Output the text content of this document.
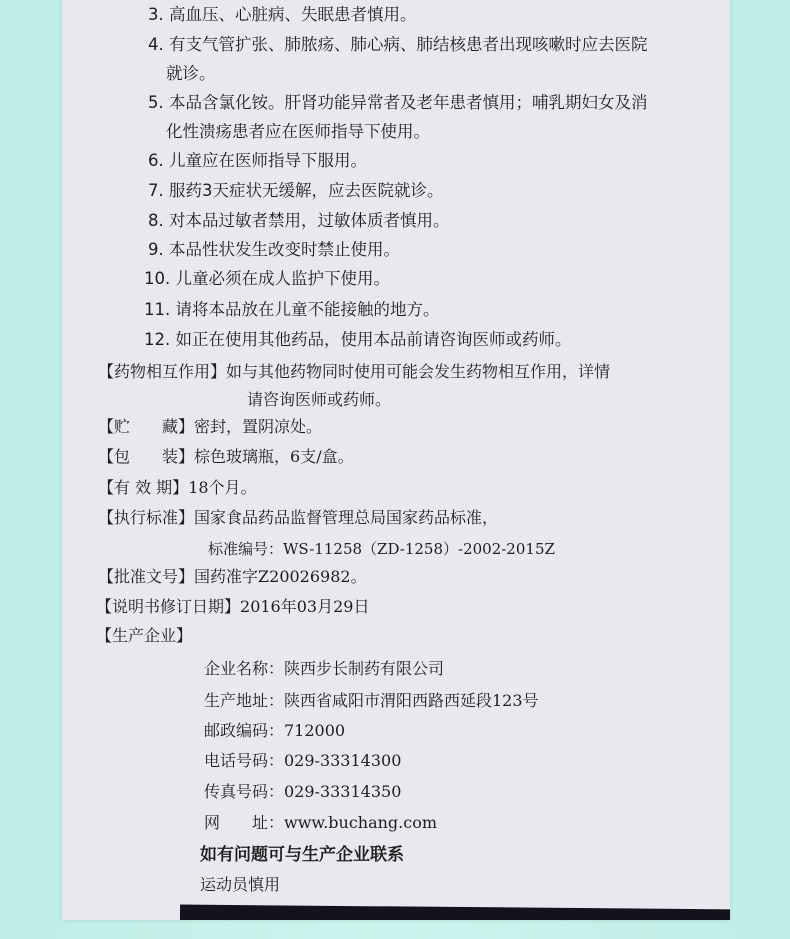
3. 高血压、心脏病、失眠患者慎用。
4. 有支气管扩张、肺脓疡、肺心病、肺结核患者出现咳嗽时应去医院
就诊。
5. 本品含氯化铵。肝肾功能异常者及老年患者慎用；哺乳期妇女及消
化性溃疡患者应在医师指导下使用。
6. 儿童应在医师指导下服用。
7. 服药3天症状无缓解，应去医院就诊。
8. 对本品过敏者禁用，过敏体质者慎用。
9. 本品性状发生改变时禁止使用。
10. 儿童必须在成人监护下使用。
11. 请将本品放在儿童不能接触的地方。
12. 如正在使用其他药品，使用本品前请咨询医师或药师。
【药物相互作用】如与其他药物同时使用可能会发生药物相互作用，详情
请咨询医师或药师。
【贮　　藏】密封，置阴凉处。
【包　　装】棕色玻璃瓶，6支/盒。
【有 效 期】18个月。
【执行标准】国家食品药品监督管理总局国家药品标准，
标准编号：WS-11258（ZD-1258）-2002-2015Z
【批准文号】国药准字Z20026982。
【说明书修订日期】2016年03月29日
【生产企业】
企业名称：陕西步长制药有限公司
生产地址：陕西省咸阳市渭阳西路西延段123号
邮政编码：712000
电话号码：029-33314300
传真号码：029-33314350
网　　址：www.buchang.com
如有问题可与生产企业联系
运动员慎用
